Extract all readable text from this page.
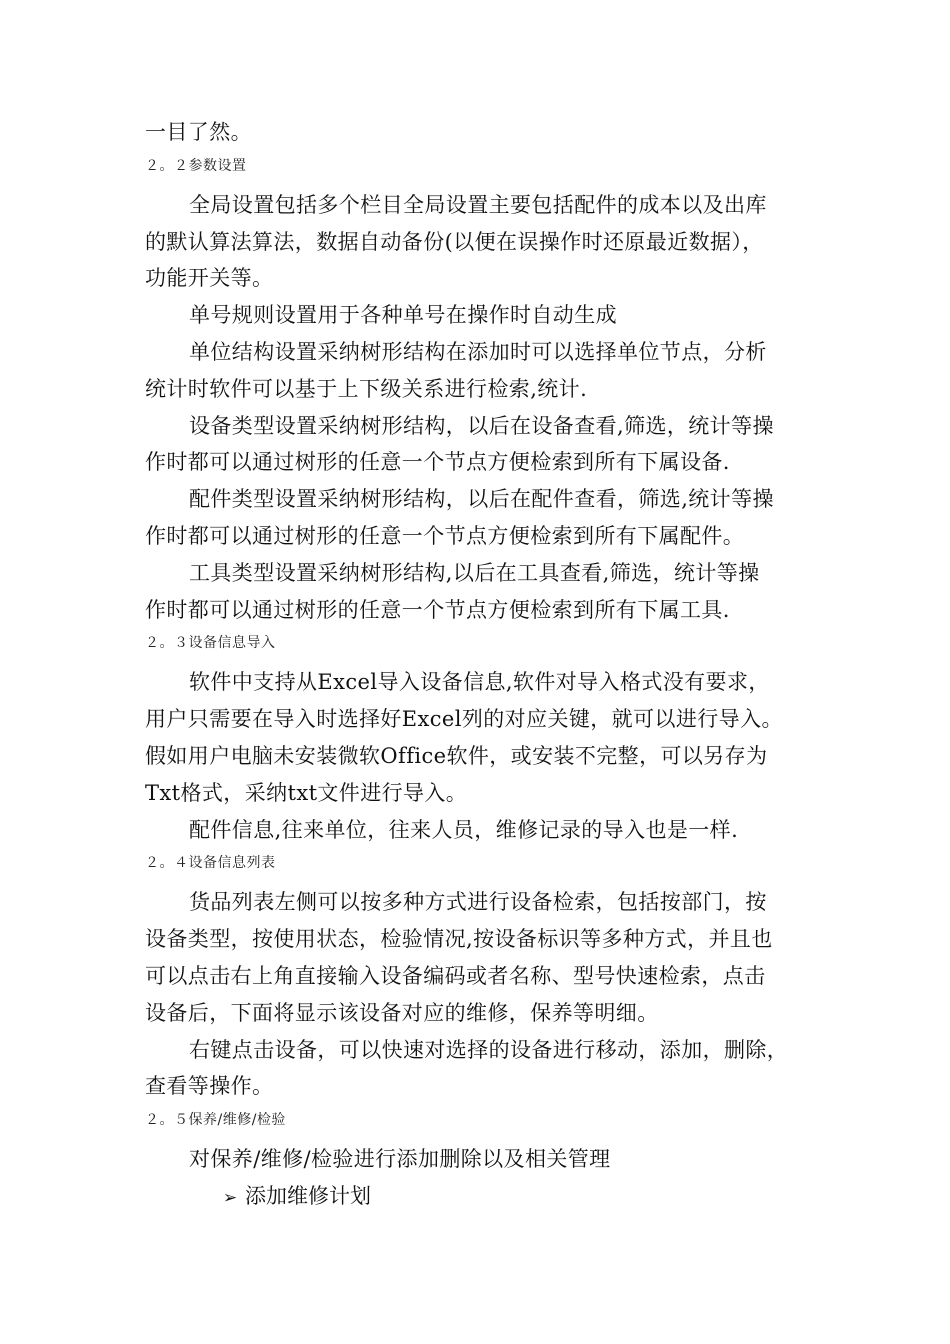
一目了然。
２。２参数设置
全局设置包括多个栏目全局设置主要包括配件的成本以及出库
的默认算法算法，数据自动备份(以便在误操作时还原最近数据），
功能开关等。
单号规则设置用于各种单号在操作时自动生成
单位结构设置采纳树形结构在添加时可以选择单位节点，分析
统计时软件可以基于上下级关系进行检索,统计.
设备类型设置采纳树形结构，以后在设备查看,筛选，统计等操
作时都可以通过树形的任意一个节点方便检索到所有下属设备.
配件类型设置采纳树形结构，以后在配件查看，筛选,统计等操
作时都可以通过树形的任意一个节点方便检索到所有下属配件。
工具类型设置采纳树形结构,以后在工具查看,筛选，统计等操
作时都可以通过树形的任意一个节点方便检索到所有下属工具.
２。３设备信息导入
软件中支持从Excel导入设备信息,软件对导入格式没有要求，
用户只需要在导入时选择好Excel列的对应关键，就可以进行导入。
假如用户电脑未安装微软Office软件，或安装不完整，可以另存为
Txt格式，采纳txt文件进行导入。
配件信息,往来单位，往来人员，维修记录的导入也是一样.
２。４设备信息列表
货品列表左侧可以按多种方式进行设备检索，包括按部门，按
设备类型，按使用状态，检验情况,按设备标识等多种方式，并且也
可以点击右上角直接输入设备编码或者名称、型号快速检索，点击
设备后，下面将显示该设备对应的维修，保养等明细。
右键点击设备，可以快速对选择的设备进行移动，添加，删除，
查看等操作。
２。５保养/维修/检验
对保养/维修/检验进行添加删除以及相关管理
➢ 添加维修计划
